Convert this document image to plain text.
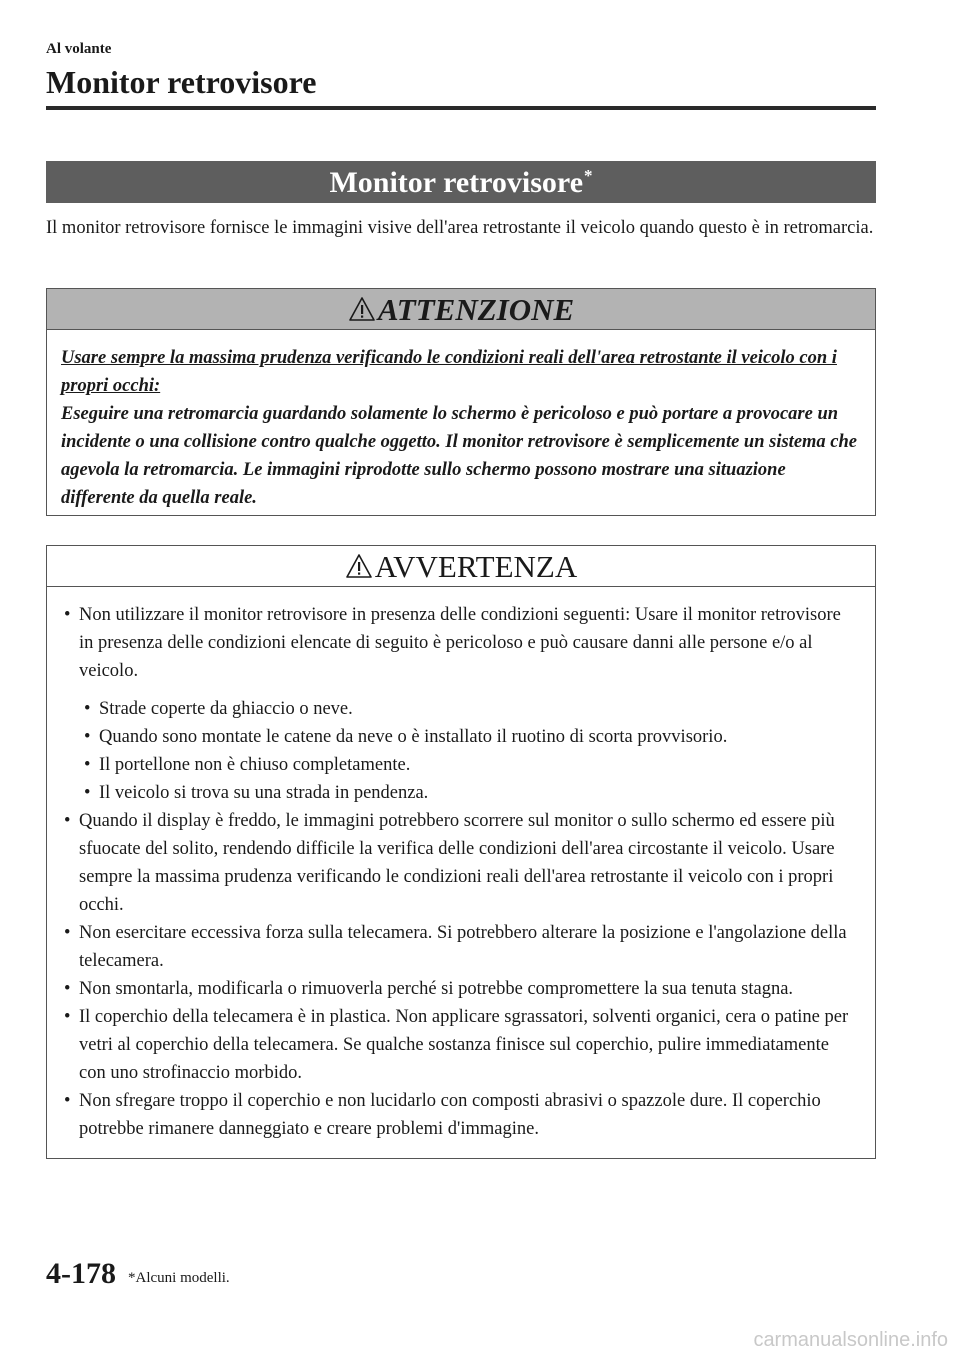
Al volante
Monitor retrovisore
Monitor retrovisore*
Il monitor retrovisore fornisce le immagini visive dell'area retrostante il veicolo quando questo è in retromarcia.
ATTENZIONE
Usare sempre la massima prudenza verificando le condizioni reali dell'area retrostante il veicolo con i propri occhi:
Eseguire una retromarcia guardando solamente lo schermo è pericoloso e può portare a provocare un incidente o una collisione contro qualche oggetto. Il monitor retrovisore è semplicemente un sistema che agevola la retromarcia. Le immagini riprodotte sullo schermo possono mostrare una situazione differente da quella reale.
AVVERTENZA
• Non utilizzare il monitor retrovisore in presenza delle condizioni seguenti: Usare il monitor retrovisore in presenza delle condizioni elencate di seguito è pericoloso e può causare danni alle persone e/o al veicolo.
• Strade coperte da ghiaccio o neve.
• Quando sono montate le catene da neve o è installato il ruotino di scorta provvisorio.
• Il portellone non è chiuso completamente.
• Il veicolo si trova su una strada in pendenza.
• Quando il display è freddo, le immagini potrebbero scorrere sul monitor o sullo schermo ed essere più sfuocate del solito, rendendo difficile la verifica delle condizioni dell'area circostante il veicolo. Usare sempre la massima prudenza verificando le condizioni reali dell'area retrostante il veicolo con i propri occhi.
• Non esercitare eccessiva forza sulla telecamera. Si potrebbero alterare la posizione e l'angolazione della telecamera.
• Non smontarla, modificarla o rimuoverla perché si potrebbe compromettere la sua tenuta stagna.
• Il coperchio della telecamera è in plastica. Non applicare sgrassatori, solventi organici, cera o patine per vetri al coperchio della telecamera. Se qualche sostanza finisce sul coperchio, pulire immediatamente con uno strofinaccio morbido.
• Non sfregare troppo il coperchio e non lucidarlo con composti abrasivi o spazzole dure. Il coperchio potrebbe rimanere danneggiato e creare problemi d'immagine.
4-178 *Alcuni modelli.
carmanualsonline.info
